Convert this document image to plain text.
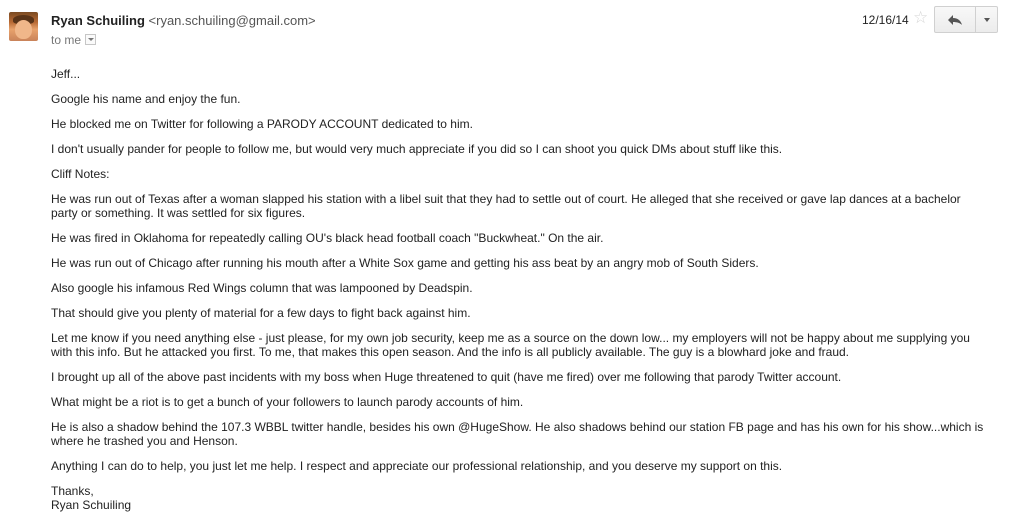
Ryan Schuiling <ryan.schuiling@gmail.com>
to me
12/16/14 ☆

Jeff...

Google his name and enjoy the fun.

He blocked me on Twitter for following a PARODY ACCOUNT dedicated to him.

I don't usually pander for people to follow me, but would very much appreciate if you did so I can shoot you quick DMs about stuff like this.

Cliff Notes:

He was run out of Texas after a woman slapped his station with a libel suit that they had to settle out of court. He alleged that she received or gave lap dances at a bachelor party or something. It was settled for six figures.

He was fired in Oklahoma for repeatedly calling OU's black head football coach "Buckwheat." On the air.

He was run out of Chicago after running his mouth after a White Sox game and getting his ass beat by an angry mob of South Siders.

Also google his infamous Red Wings column that was lampooned by Deadspin.

That should give you plenty of material for a few days to fight back against him.

Let me know if you need anything else - just please, for my own job security, keep me as a source on the down low... my employers will not be happy about me supplying you with this info. But he attacked you first. To me, that makes this open season. And the info is all publicly available. The guy is a blowhard joke and fraud.

I brought up all of the above past incidents with my boss when Huge threatened to quit (have me fired) over me following that parody Twitter account.

What might be a riot is to get a bunch of your followers to launch parody accounts of him.

He is also a shadow behind the 107.3 WBBL twitter handle, besides his own @HugeShow. He also shadows behind our station FB page and has his own for his show...which is where he trashed you and Henson.

Anything I can do to help, you just let me help. I respect and appreciate our professional relationship, and you deserve my support on this.

Thanks,
Ryan Schuiling
